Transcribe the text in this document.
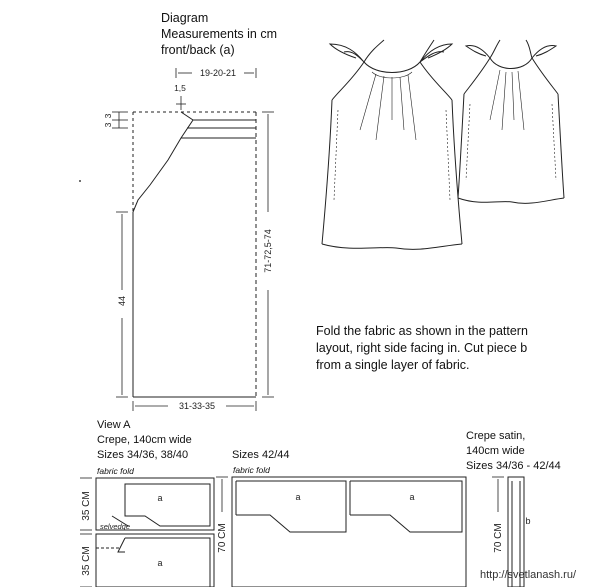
Diagram
Measurements in cm
front/back (a)
Fold the fabric as shown in the pattern
layout, right side facing in. Cut piece b
from a single layer of fabric.
View A
Crepe, 140cm wide
Sizes 34/36, 38/40
fabric fold
Sizes 42/44
fabric fold
Crepe satin,
140cm wide
Sizes 34/36 - 42/44
http://svetlanash.ru/
19-20-21
1,5
3
3
44
71-72,5-74
31-33-35
a
a
selvedge
35 CM
35 CM
a	a
70 CM
b
70 CM
